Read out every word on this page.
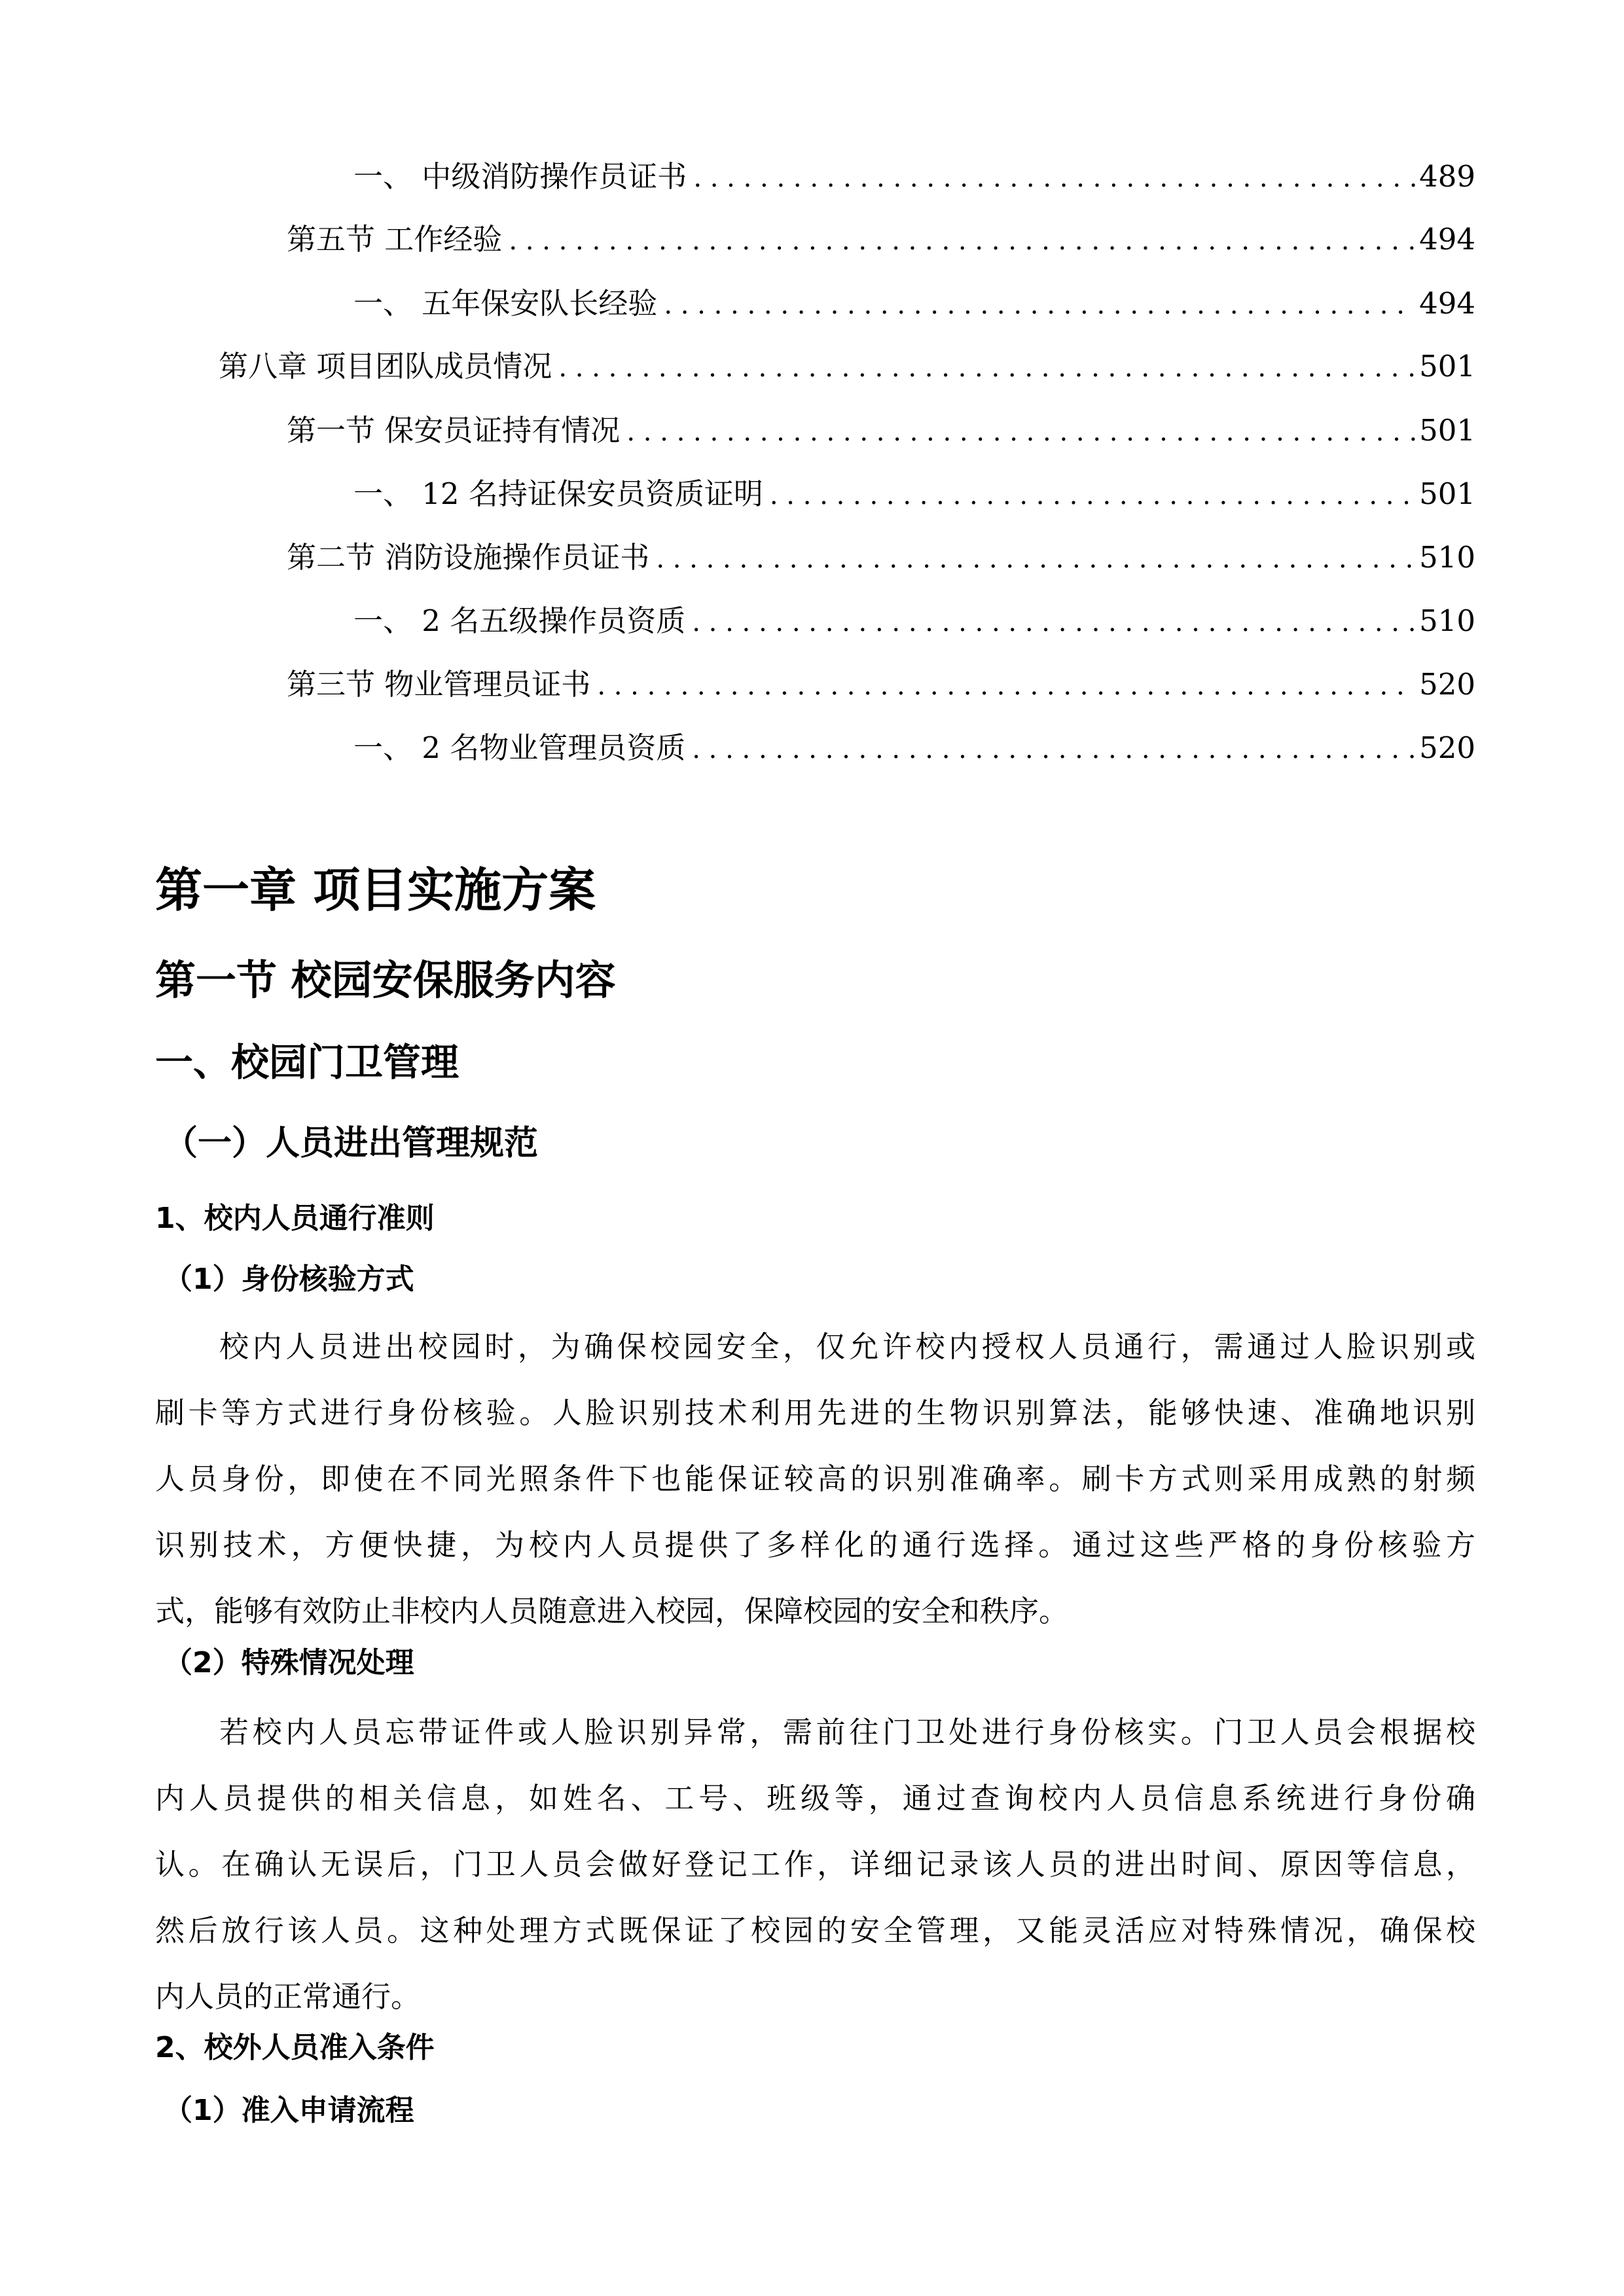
一、 中级消防操作员证书 . . .	489
第五节 工作经验 . . .	494
一、 五年保安队长经验 . . .	494
第八章 项目团队成员情况 . . .	501
第一节 保安员证持有情况 . . .	501
一、 12 名持证保安员资质证明 . . .	501
第二节 消防设施操作员证书 . . .	510
一、 2 名五级操作员资质 . . .	510
第三节 物业管理员证书 . . .	520
一、 2 名物业管理员资质 . . .	520
第一章 项目实施方案
第一节 校园安保服务内容
一、校园门卫管理
（一）人员进出管理规范
1、校内人员通行准则
（1）身份核验方式
校内人员进出校园时，为确保校园安全，仅允许校内授权人员通行，需通过人脸识别或
刷卡等方式进行身份核验。人脸识别技术利用先进的生物识别算法，能够快速、准确地识别
人员身份，即使在不同光照条件下也能保证较高的识别准确率。刷卡方式则采用成熟的射频
识别技术，方便快捷，为校内人员提供了多样化的通行选择。通过这些严格的身份核验方
式，能够有效防止非校内人员随意进入校园，保障校园的安全和秩序。
（2）特殊情况处理
若校内人员忘带证件或人脸识别异常，需前往门卫处进行身份核实。门卫人员会根据校
内人员提供的相关信息，如姓名、工号、班级等，通过查询校内人员信息系统进行身份确
认。在确认无误后，门卫人员会做好登记工作，详细记录该人员的进出时间、原因等信息，
然后放行该人员。这种处理方式既保证了校园的安全管理，又能灵活应对特殊情况，确保校
内人员的正常通行。
2、校外人员准入条件
（1）准入申请流程
